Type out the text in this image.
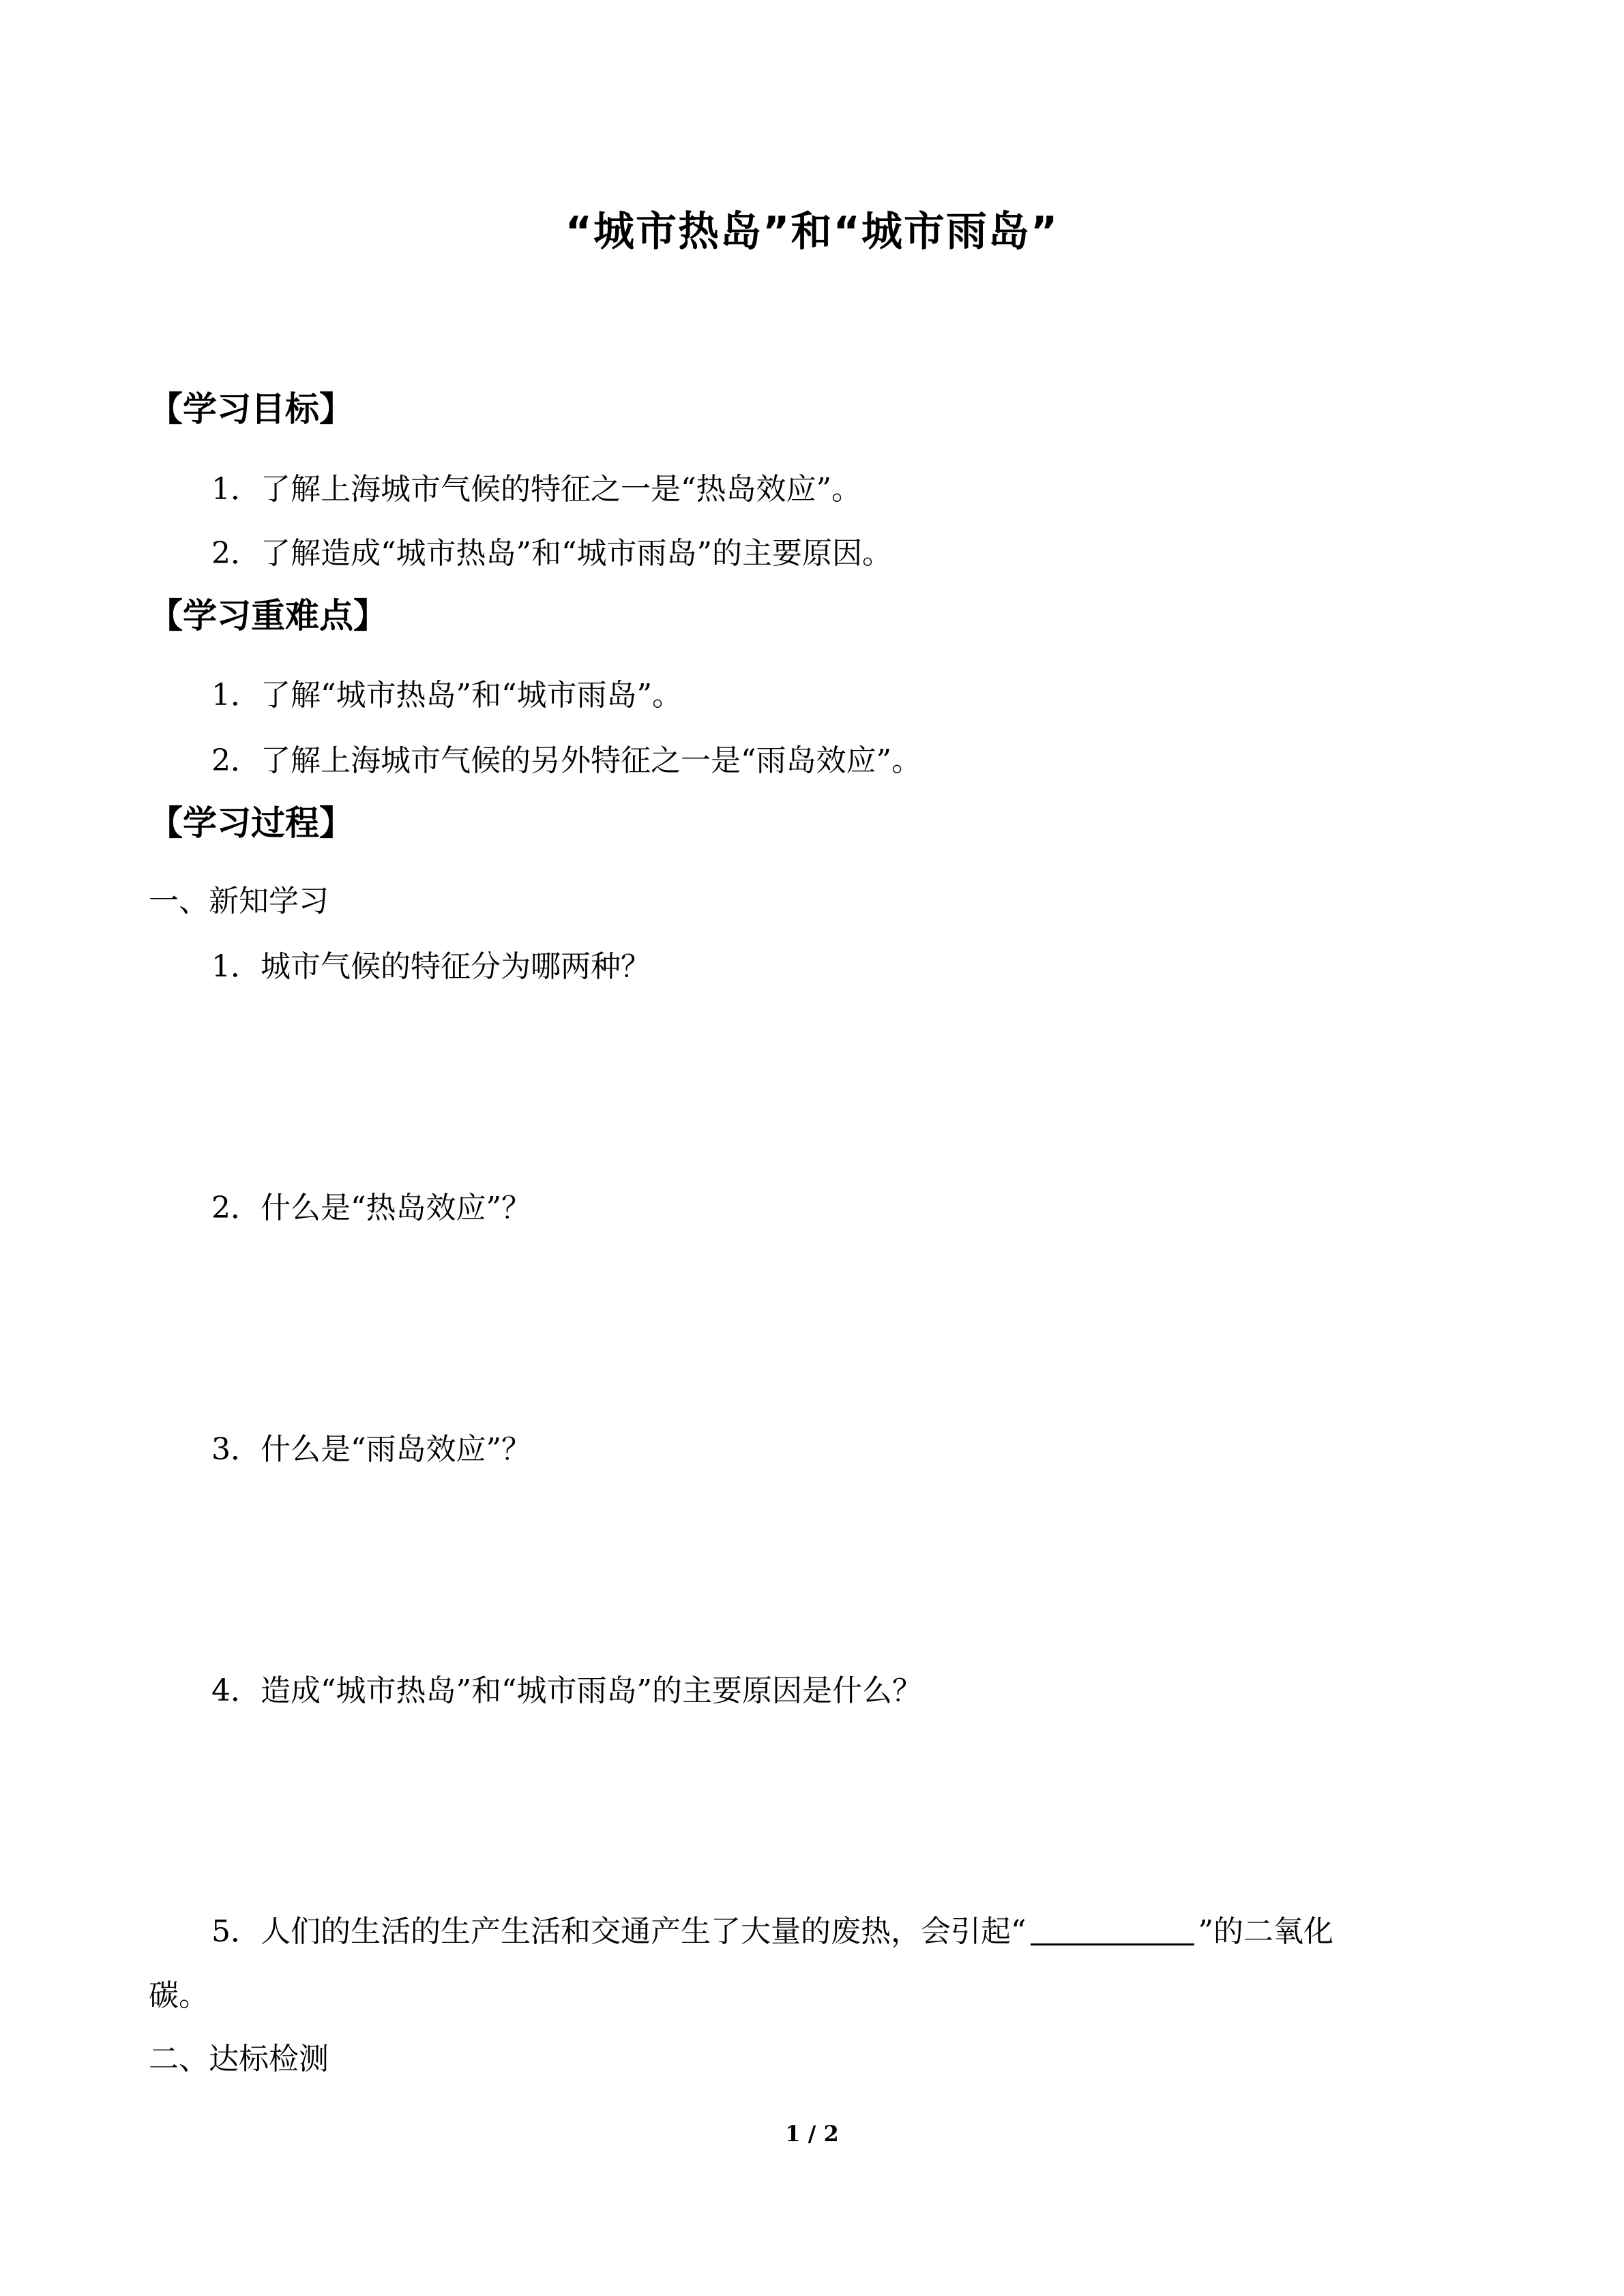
“城市热岛”和“城市雨岛”
【学习目标】
1．了解上海城市气候的特征之一是“热岛效应”。
2．了解造成“城市热岛”和“城市雨岛”的主要原因。
【学习重难点】
1．了解“城市热岛”和“城市雨岛”。
2．了解上海城市气候的另外特征之一是“雨岛效应”。
【学习过程】
一、新知学习
1．城市气候的特征分为哪两种？
2．什么是“热岛效应”？
3．什么是“雨岛效应”？
4．造成“城市热岛”和“城市雨岛”的主要原因是什么？
5．人们的生活的生产生活和交通产生了大量的废热，会引起“	”的二氧化
碳。
二、达标检测
1 / 2
